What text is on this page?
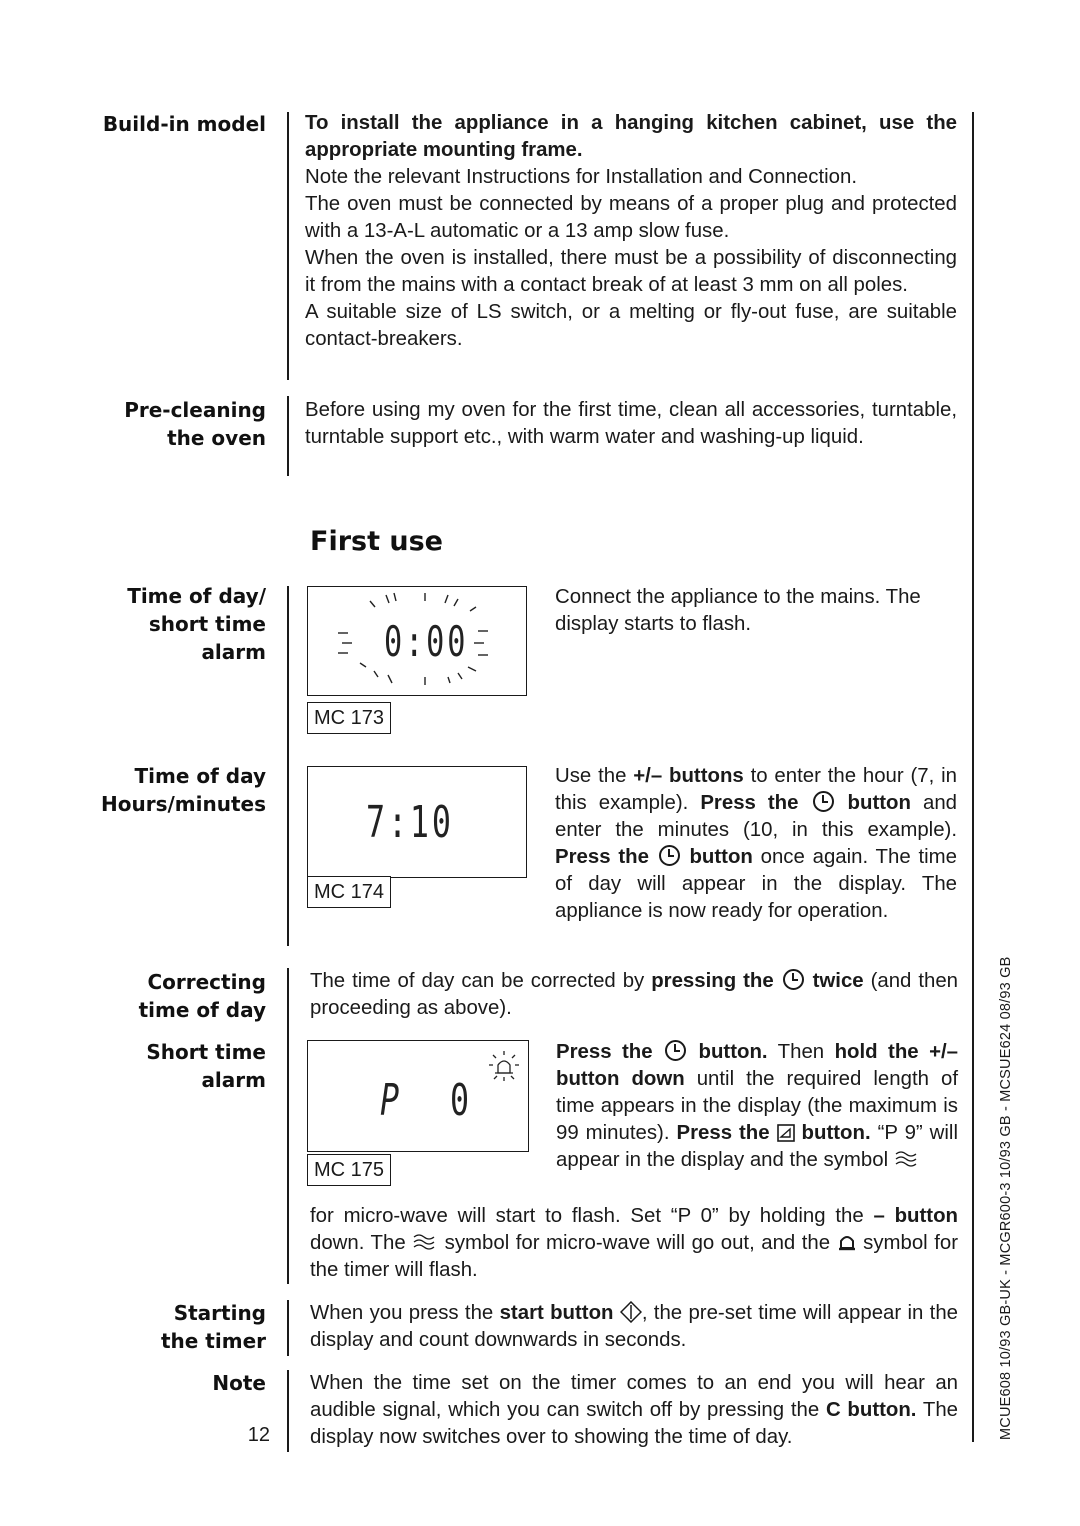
Build-in model

Pre-cleaning
the oven

Time of day/
short time
alarm

Time of day
Hours/minutes

Correcting
time of day

Short time
alarm

Starting
the timer

Note

12

To install the appliance in a hanging kitchen cabinet, use the appropriate mounting frame.
Note the relevant Instructions for Installation and Connection.
The oven must be connected by means of a proper plug and protected with a 13-A-L automatic or a 13 amp slow fuse.
When the oven is installed, there must be a possibility of disconnecting it from the mains with a contact break of at least 3 mm on all poles.
A suitable size of LS switch, or a melting or fly-out fuse, are suitable contact-breakers.

Before using my oven for the first time, clean all accessories, turntable, turntable support etc., with warm water and washing-up liquid.

First use
0:00
MC 173

Connect the appliance to the mains. The display starts to flash.

7:10
MC 174

Use the +/– buttons to enter the hour (7, in this example). Press the button and enter the minutes (10, in this example). Press the button once again. The time of day will appear in the display. The appliance is now ready for operation.

The time of day can be corrected by pressing the twice (and then proceeding as above).

P 0
MC 175

Press the button. Then hold the +/– button down until the required length of time appears in the display (the maximum is 99 minutes). Press the button. “P 9” will appear in the display and the symbol

for micro-wave will start to flash. Set “P 0” by holding the – button down. The  symbol for micro-wave will go out, and the  symbol for the timer will flash.

When you press the start button , the pre-set time will appear in the display and count downwards in seconds.

When the time set on the timer comes to an end you will hear an audible signal, which you can switch off by pressing the C button. The display now switches over to showing the time of day.	MCUE608 10/93 GB-UK - MCGR600-3 10/93 GB - MCSUE624 08/93 GB
